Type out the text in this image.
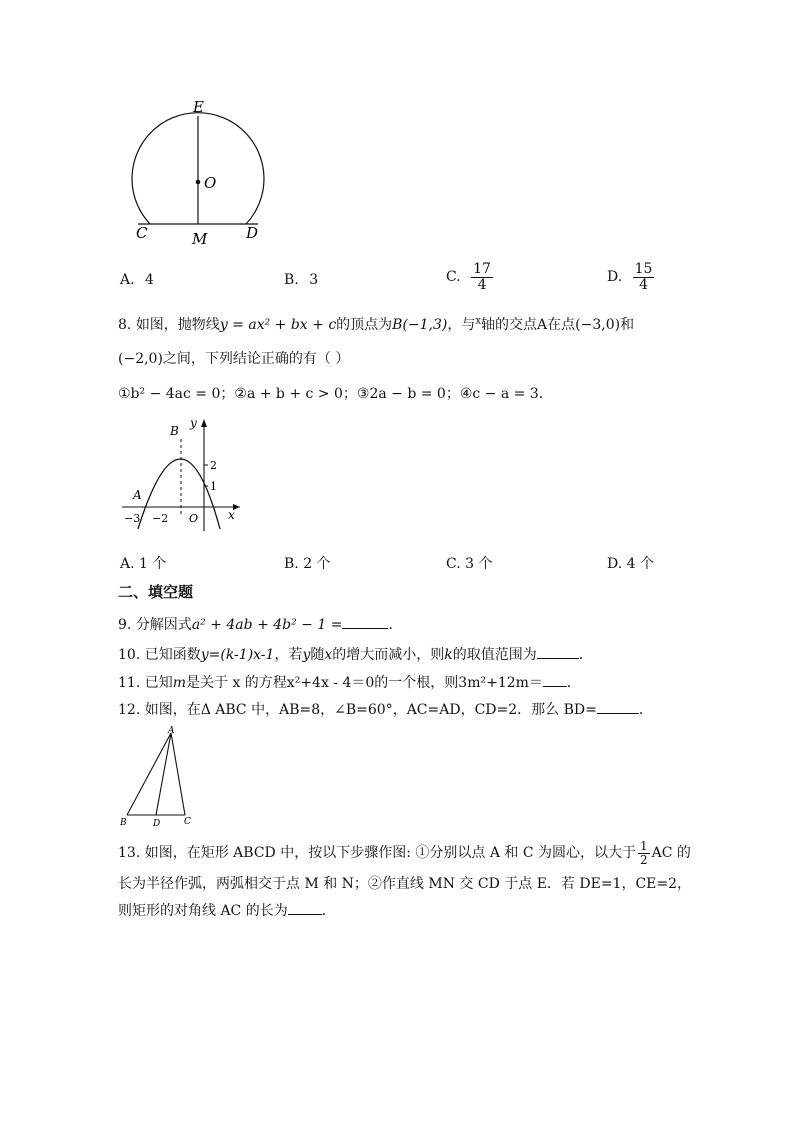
E
O
C	M	D
A. 4	B. 3	C. $\frac{17}{4}$	D. $\frac{15}{4}$
8. 如图，抛物线y = ax² + bx + c的顶点为B(−1,3)，与$^x$轴的交点A在点(−3,0)和
(−2,0)之间，下列结论正确的有（ ）
①b² − 4ac = 0；②a + b + c > 0；③2a − b = 0；④c − a = 3．
B
y
2
1
A
−3 −2 O x
A. 1 个	B. 2 个	C. 3 个	D. 4 个
二、填空题
9. 分解因式a² + 4ab + 4b² − 1 =	．
10. 已知函数y=(k-1)x-1，若y随x的增大而减小，则k的取值范围为	．
11. 已知m是关于 x 的方程x²+4x - 4＝0的一个根，则3m²+12m＝ ．
12. 如图，在Δ ABC 中，AB=8，∠B=60°，AC=AD，CD=2．那么 BD=	．
A
B	D	C
13. 如图，在矩形 ABCD 中，按以下步骤作图: ①分别以点 A 和 C 为圆心，以大于 $\frac{1}{2}$ AC 的
长为半径作弧，两弧相交于点 M 和 N；②作直线 MN 交 CD 于点 E．若 DE=1，CE=2，
则矩形的对角线 AC 的长为 ．
